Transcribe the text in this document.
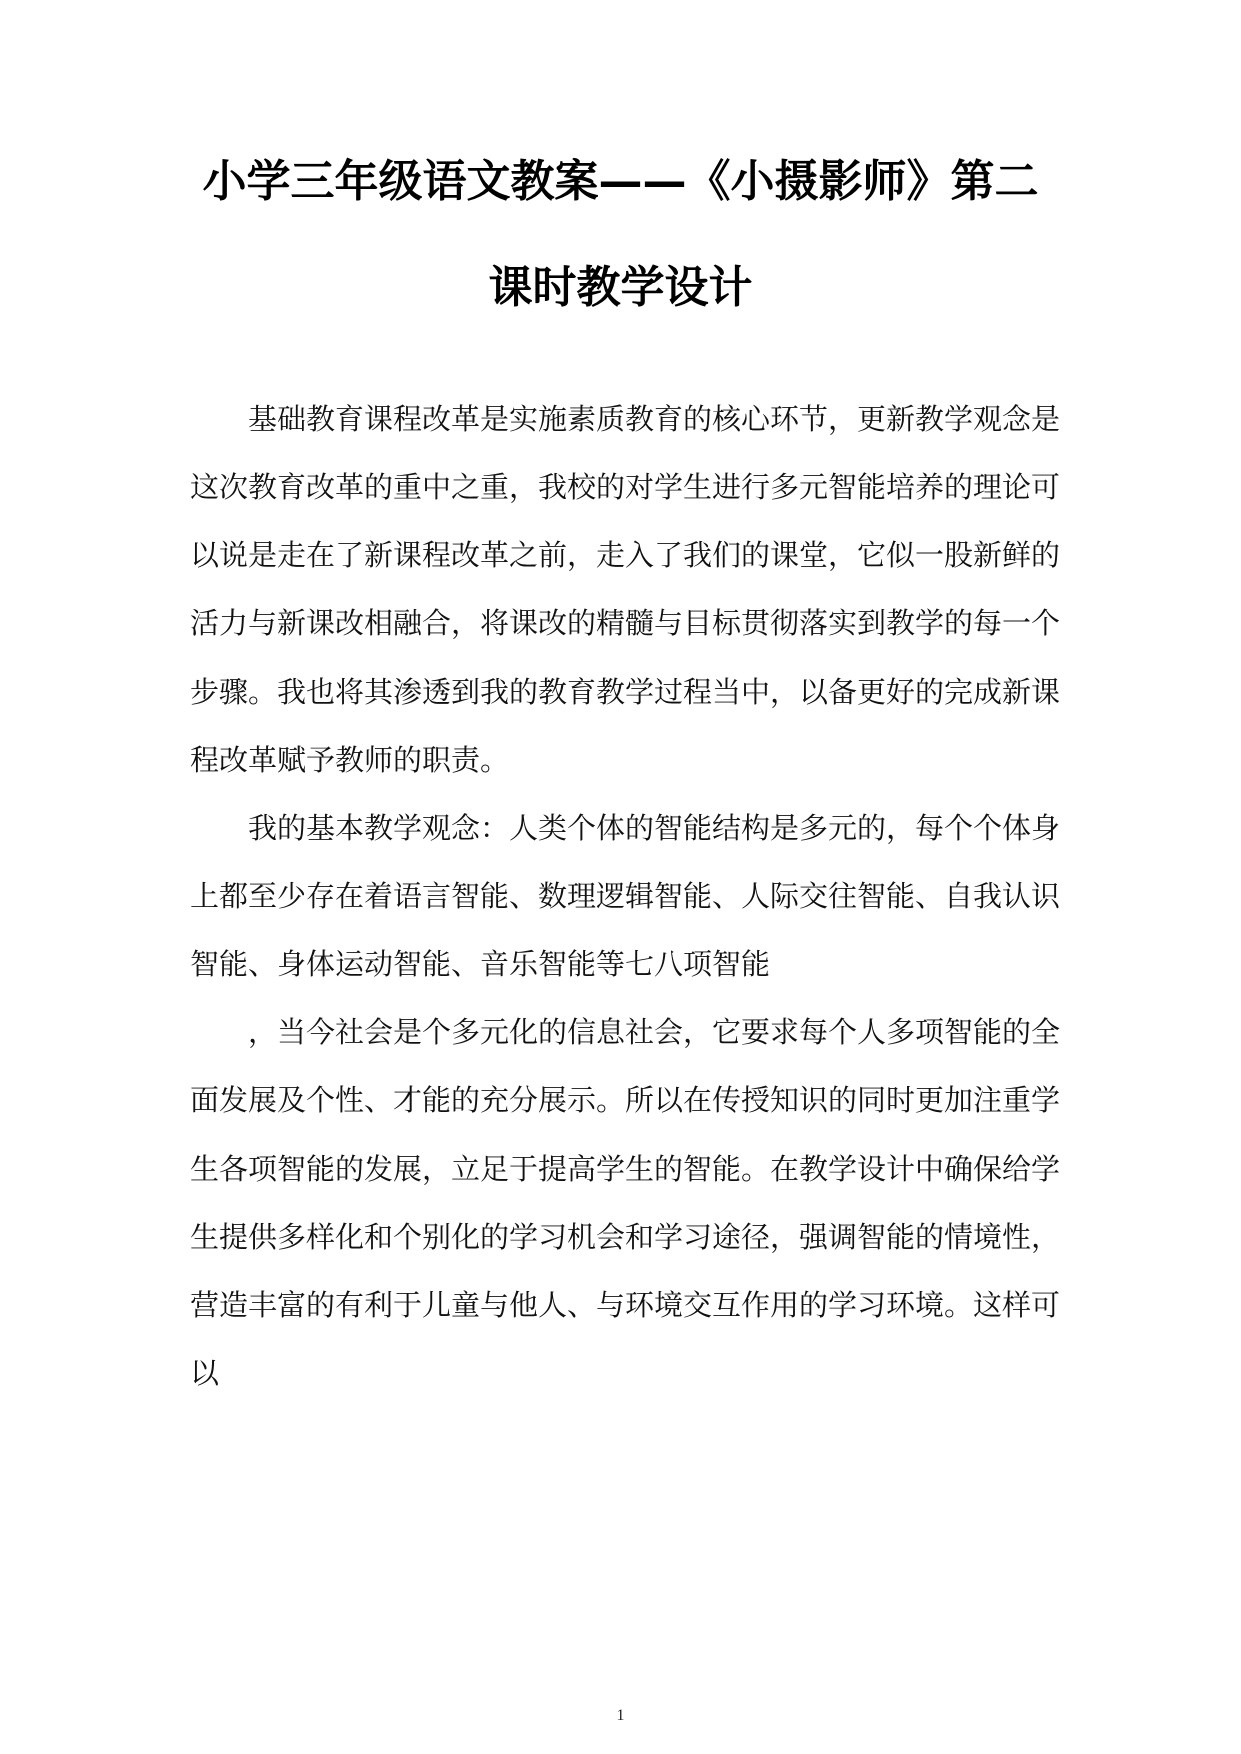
小学三年级语文教案——《小摄影师》第二
课时教学设计
基础教育课程改革是实施素质教育的核心环节，更新教学观念是
这次教育改革的重中之重，我校的对学生进行多元智能培养的理论可
以说是走在了新课程改革之前，走入了我们的课堂，它似一股新鲜的
活力与新课改相融合，将课改的精髓与目标贯彻落实到教学的每一个
步骤。我也将其渗透到我的教育教学过程当中，以备更好的完成新课
程改革赋予教师的职责。
我的基本教学观念：人类个体的智能结构是多元的，每个个体身
上都至少存在着语言智能、数理逻辑智能、人际交往智能、自我认识
智能、身体运动智能、音乐智能等七八项智能
，当今社会是个多元化的信息社会，它要求每个人多项智能的全
面发展及个性、才能的充分展示。所以在传授知识的同时更加注重学
生各项智能的发展，立足于提高学生的智能。在教学设计中确保给学
生提供多样化和个别化的学习机会和学习途径，强调智能的情境性，
营造丰富的有利于儿童与他人、与环境交互作用的学习环境。这样可
以
1
